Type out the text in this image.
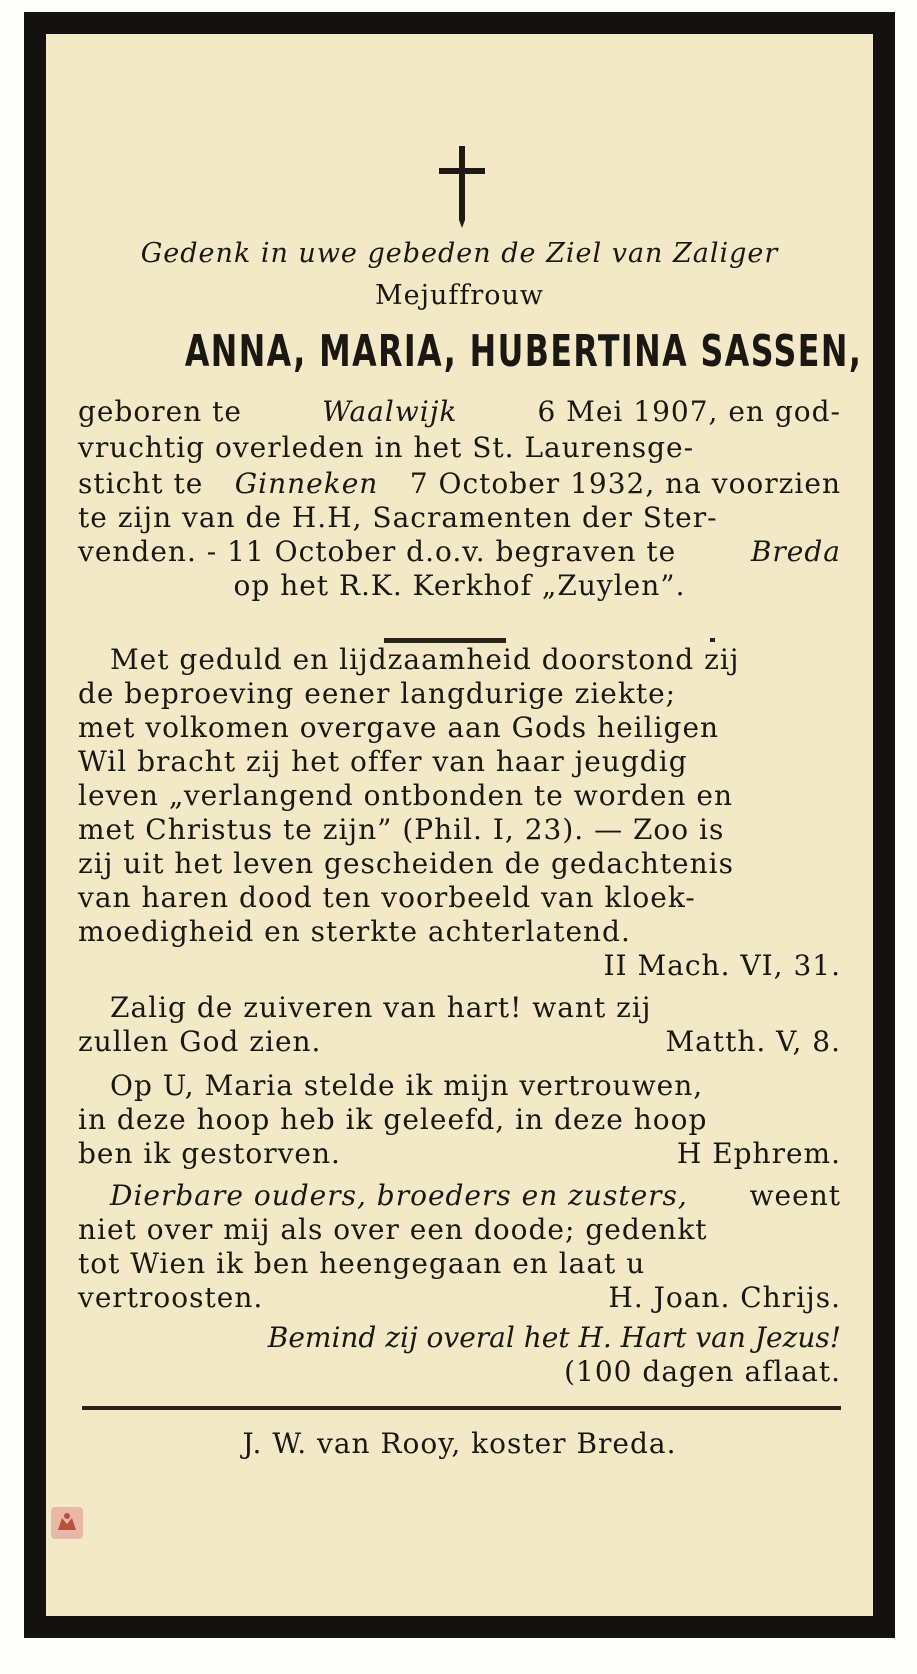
Gedenk in uwe gebeden de Ziel van Zaliger
Mejuffrouw
ANNA, MARIA, HUBERTINA SASSEN,
geboren te	Waalwijk	6 Mei 1907, en god-
vruchtig overleden in het St. Laurensge-
sticht te Ginneken 7 October 1932, na voorzien
te zijn van de H.H, Sacramenten der Ster-
venden. - 11 October d.o.v. begraven te	Breda
op het R.K. Kerkhof „Zuylen”.
Met geduld en lijdzaamheid doorstond zij
de beproeving eener langdurige ziekte;
met volkomen overgave aan Gods heiligen
Wil bracht zij het offer van haar jeugdig
leven „verlangend ontbonden te worden en
met Christus te zijn” (Phil. I, 23). — Zoo is
zij uit het leven gescheiden de gedachtenis
van haren dood ten voorbeeld van kloek-
moedigheid en sterkte achterlatend.
II Mach. VI, 31.
Zalig de zuiveren van hart! want zij
zullen God zien.	Matth. V, 8.
Op U, Maria stelde ik mijn vertrouwen,
in deze hoop heb ik geleefd, in deze hoop
ben ik gestorven.	H Ephrem.
Dierbare ouders, broeders en zusters, weent
niet over mij als over een doode; gedenkt
tot Wien ik ben heengegaan en laat u
vertroosten.	H. Joan. Chrijs.
Bemind zij overal het H. Hart van Jezus!
(100 dagen aflaat.
J. W. van Rooy, koster Breda.
